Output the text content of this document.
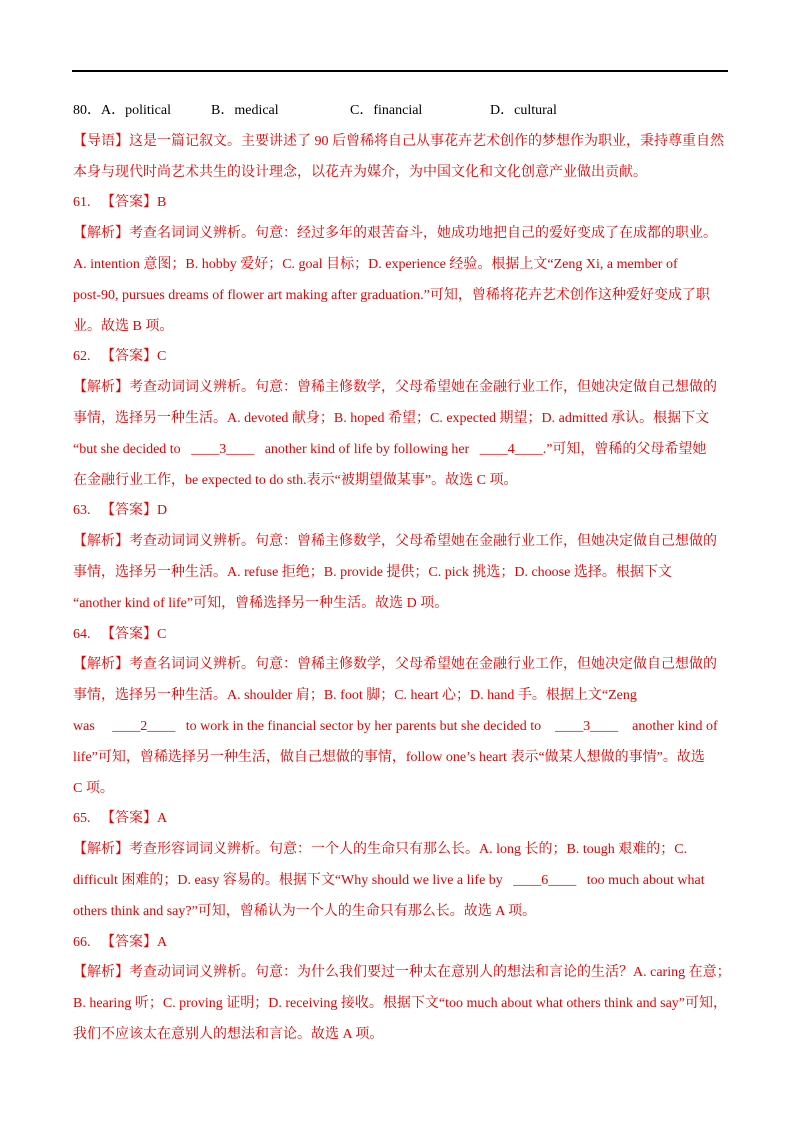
80． A．political	B．medical	C．financial	D．cultural
【导语】这是一篇记叙文。主要讲述了 90 后曾稀将自己从事花卉艺术创作的梦想作为职业，秉持尊重自然
本身与现代时尚艺术共生的设计理念，以花卉为媒介，为中国文化和文化创意产业做出贡献。
61.   【答案】B
【解析】考查名词词义辨析。句意：经过多年的艰苦奋斗，她成功地把自己的爱好变成了在成都的职业。
A. intention 意图；B. hobby 爱好；C. goal 目标；D. experience 经验。根据上文“Zeng Xi, a member of
post-90, pursues dreams of flower art making after graduation.”可知，曾稀将花卉艺术创作这种爱好变成了职
业。故选 B 项。
62.   【答案】C
【解析】考查动词词义辨析。句意：曾稀主修数学，父母希望她在金融行业工作，但她决定做自己想做的
事情，选择另一种生活。A. devoted 献身；B. hoped 希望；C. expected 期望；D. admitted 承认。根据下文
“but she decided to   ____3____   another kind of life by following her   ____4____.”可知，曾稀的父母希望她
在金融行业工作，be expected to do sth.表示“被期望做某事”。故选 C 项。
63.   【答案】D
【解析】考查动词词义辨析。句意：曾稀主修数学，父母希望她在金融行业工作，但她决定做自己想做的
事情，选择另一种生活。A. refuse 拒绝；B. provide 提供；C. pick 挑选；D. choose 选择。根据下文
“another kind of life”可知，曾稀选择另一种生活。故选 D 项。
64.   【答案】C
【解析】考查名词词义辨析。句意：曾稀主修数学，父母希望她在金融行业工作，但她决定做自己想做的
事情，选择另一种生活。A. shoulder 肩；B. foot 脚；C. heart 心；D. hand 手。根据上文“Zeng
was     ____2____   to work in the financial sector by her parents but she decided to    ____3____    another kind of
life”可知，曾稀选择另一种生活，做自己想做的事情，follow one’s heart 表示“做某人想做的事情”。故选
C 项。
65.   【答案】A
【解析】考查形容词词义辨析。句意：一个人的生命只有那么长。A. long 长的；B. tough 艰难的；C.
difficult 困难的；D. easy 容易的。根据下文“Why should we live a life by   ____6____   too much about what
others think and say?”可知，曾稀认为一个人的生命只有那么长。故选 A 项。
66.   【答案】A
【解析】考查动词词义辨析。句意：为什么我们要过一种太在意别人的想法和言论的生活？A. caring 在意；
B. hearing 听；C. proving 证明；D. receiving 接收。根据下文“too much about what others think and say”可知，
我们不应该太在意别人的想法和言论。故选 A 项。
